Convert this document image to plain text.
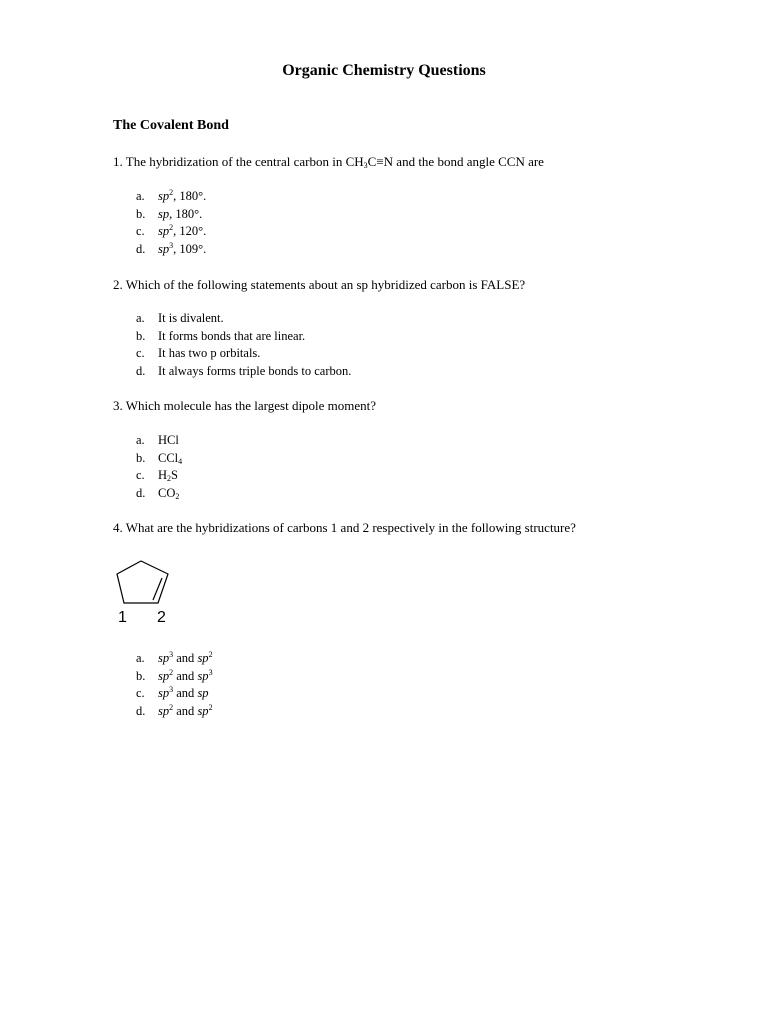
Organic Chemistry Questions
The Covalent Bond
1. The hybridization of the central carbon in $CH_3C\equiv N$ and the bond angle CCN are
a.	$sp^2$, 180°.
b.	sp, 180°.
c.	$sp^2$, 120°.
d.	$sp^3$, 109°.
2. Which of the following statements about an sp hybridized carbon is FALSE?
a.	It is divalent.
b.	It forms bonds that are linear.
c.	It has two p orbitals.
d.	It always forms triple bonds to carbon.
3. Which molecule has the largest dipole moment?
a.	HCl
b.	CCl$_4$
c.	$H_2S$
d.	$CO_2$
4. What are the hybridizations of carbons 1 and 2 respectively in the following structure?
1 2
a.	$sp^3$ and $sp^2$
b.	$sp^2$ and $sp^3$
c.	$sp^3$ and sp
d.	$sp^2$ and $sp^2$
